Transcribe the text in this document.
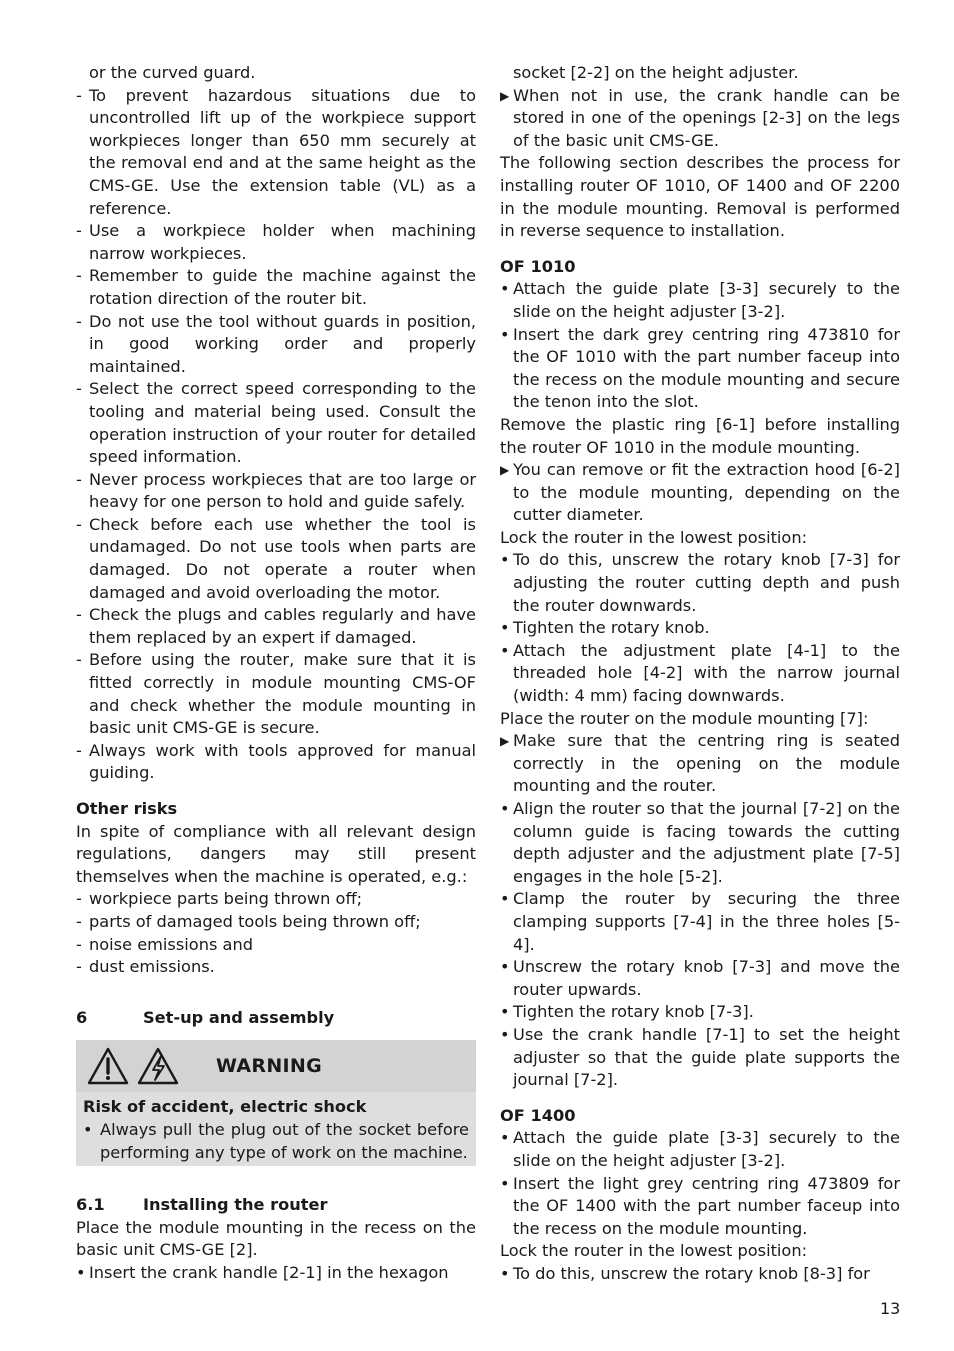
or the curved guard.

- To prevent hazardous situations due to uncontrolled lift up of the workpiece support workpieces longer than 650 mm securely at the removal end and at the same height as the CMS-GE. Use the extension table (VL) as a reference.
- Use a workpiece holder when machining narrow workpieces.
- Remember to guide the machine against the rotation direction of the router bit.
- Do not use the tool without guards in position, in good working order and properly maintained.
- Select the correct speed corresponding to the tooling and material being used. Consult the operation instruction of your router for detailed speed information.
- Never process workpieces that are too large or heavy for one person to hold and guide safely.
- Check before each use whether the tool is undamaged. Do not use tools when parts are damaged. Do not operate a router when damaged and avoid overloading the motor.
- Check the plugs and cables regularly and have them replaced by an expert if damaged.
- Before using the router, make sure that it is fitted correctly in module mounting CMS-OF and check whether the module mounting in basic unit CMS-GE is secure.
- Always work with tools approved for manual guiding.

Other risks

In spite of compliance with all relevant design regulations, dangers may still present themselves when the machine is operated, e.g.:

- workpiece parts being thrown off;
- parts of damaged tools being thrown off;
- noise emissions and
- dust emissions.
6	Set-up and assembly
WARNING

Risk of accident, electric shock

• Always pull the plug out of the socket before performing any type of work on the machine.
6.1	Installing the router

Place the module mounting in the recess on the basic unit CMS-GE [2].

• Insert the crank handle [2-1] in the hexagon

socket [2-2] on the height adjuster.

▶ When not in use, the crank handle can be stored in one of the openings [2-3] on the legs of the basic unit CMS-GE.

The following section describes the process for installing router OF 1010, OF 1400 and OF 2200 in the module mounting. Removal is performed in reverse sequence to installation.

OF 1010

• Attach the guide plate [3-3] securely to the slide on the height adjuster [3-2].
• Insert the dark grey centring ring 473810 for the OF 1010 with the part number faceup into the recess on the module mounting and secure the tenon into the slot.

Remove the plastic ring [6-1] before installing the router OF 1010 in the module mounting.

▶ You can remove or fit the extraction hood [6-2] to the module mounting, depending on the cutter diameter.

Lock the router in the lowest position:

• To do this, unscrew the rotary knob [7-3] for adjusting the router cutting depth and push the router downwards.
• Tighten the rotary knob.
• Attach the adjustment plate [4-1] to the threaded hole [4-2] with the narrow journal (width: 4 mm) facing downwards.

Place the router on the module mounting [7]:

▶ Make sure that the centring ring is seated correctly in the opening on the module mounting and the router.
• Align the router so that the journal [7-2] on the column guide is facing towards the cutting depth adjuster and the adjustment plate [7-5] engages in the hole [5-2].
• Clamp the router by securing the three clamping supports [7-4] in the three holes [5-4].
• Unscrew the rotary knob [7-3] and move the router upwards.
• Tighten the rotary knob [7-3].
• Use the crank handle [7-1] to set the height adjuster so that the guide plate supports the journal [7-2].

OF 1400

• Attach the guide plate [3-3] securely to the slide on the height adjuster [3-2].
• Insert the light grey centring ring 473809 for the OF 1400 with the part number faceup into the recess on the module mounting.

Lock the router in the lowest position:

• To do this, unscrew the rotary knob [8-3] for
13
